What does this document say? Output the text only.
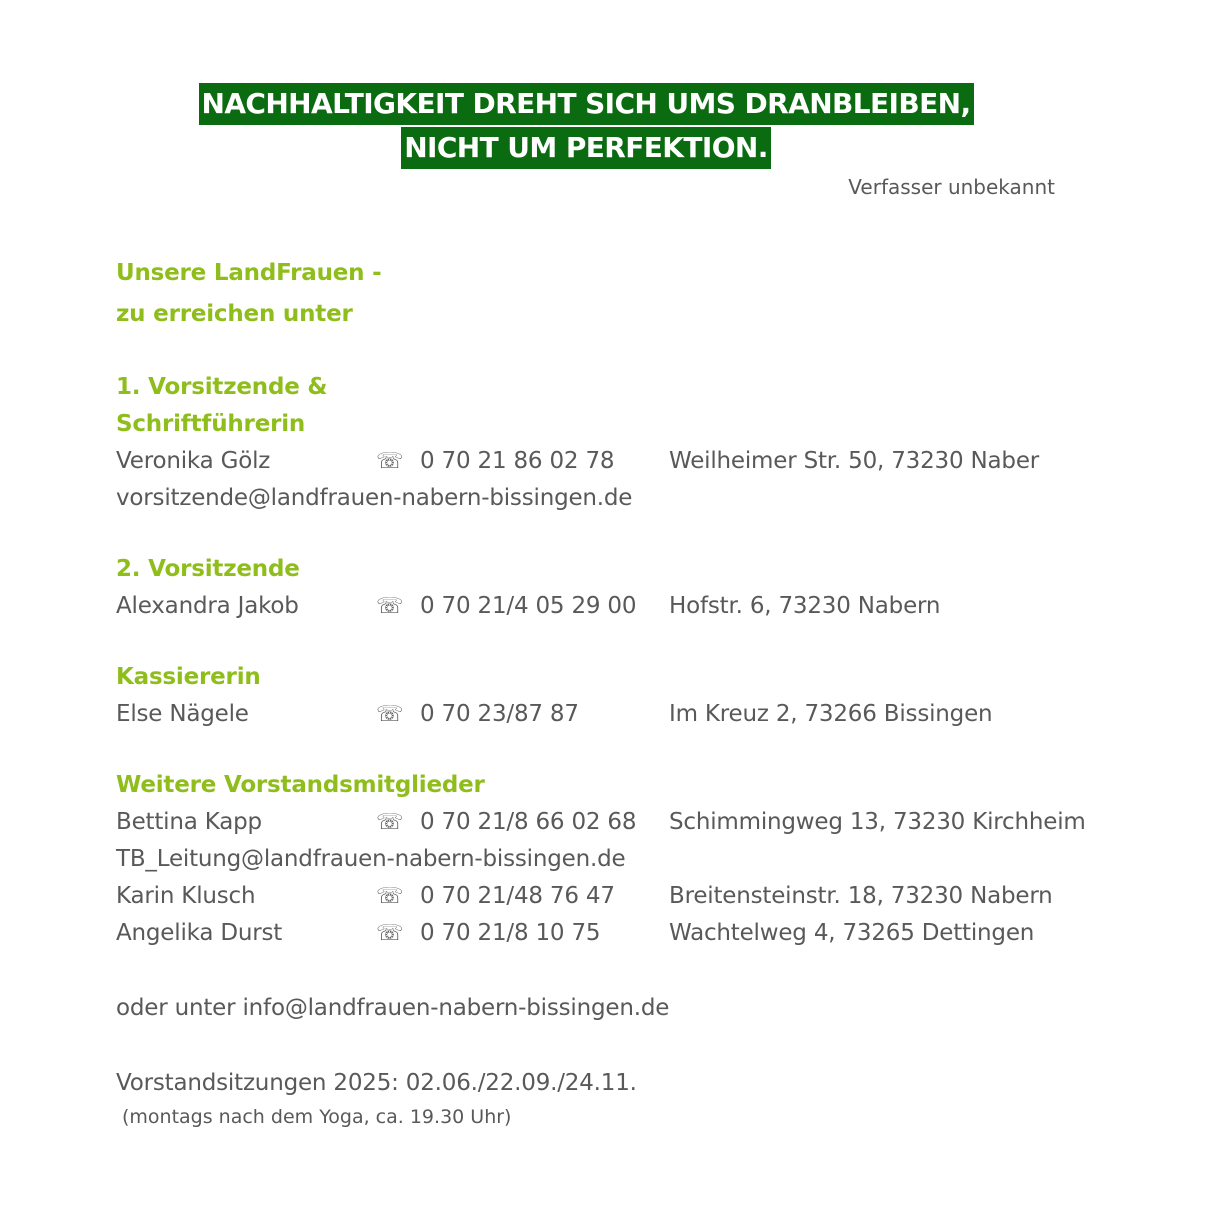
NACHHALTIGKEIT DREHT SICH UMS DRANBLEIBEN,
NICHT UM PERFEKTION.
Verfasser unbekannt
Unsere LandFrauen -
zu erreichen unter
1. Vorsitzende &
Schriftführerin
Veronika Gölz	☏ 0 70 21 86 02 78	Weilheimer Str. 50, 73230 Naber
vorsitzende@landfrauen-nabern-bissingen.de
2. Vorsitzende
Alexandra Jakob	☏ 0 70 21/4 05 29 00	Hofstr. 6, 73230 Nabern
Kassiererin
Else Nägele	☏ 0 70 23/87 87	Im Kreuz 2, 73266 Bissingen
Weitere Vorstandsmitglieder
Bettina Kapp	☏ 0 70 21/8 66 02 68	Schimmingweg 13, 73230 Kirchheim
TB_Leitung@landfrauen-nabern-bissingen.de
Karin Klusch	☏ 0 70 21/48 76 47	Breitensteinstr. 18, 73230 Nabern
Angelika Durst	☏ 0 70 21/8 10 75	Wachtelweg 4, 73265 Dettingen
oder unter info@landfrauen-nabern-bissingen.de
Vorstandsitzungen 2025: 02.06./22.09./24.11.
(montags nach dem Yoga, ca. 19.30 Uhr)
